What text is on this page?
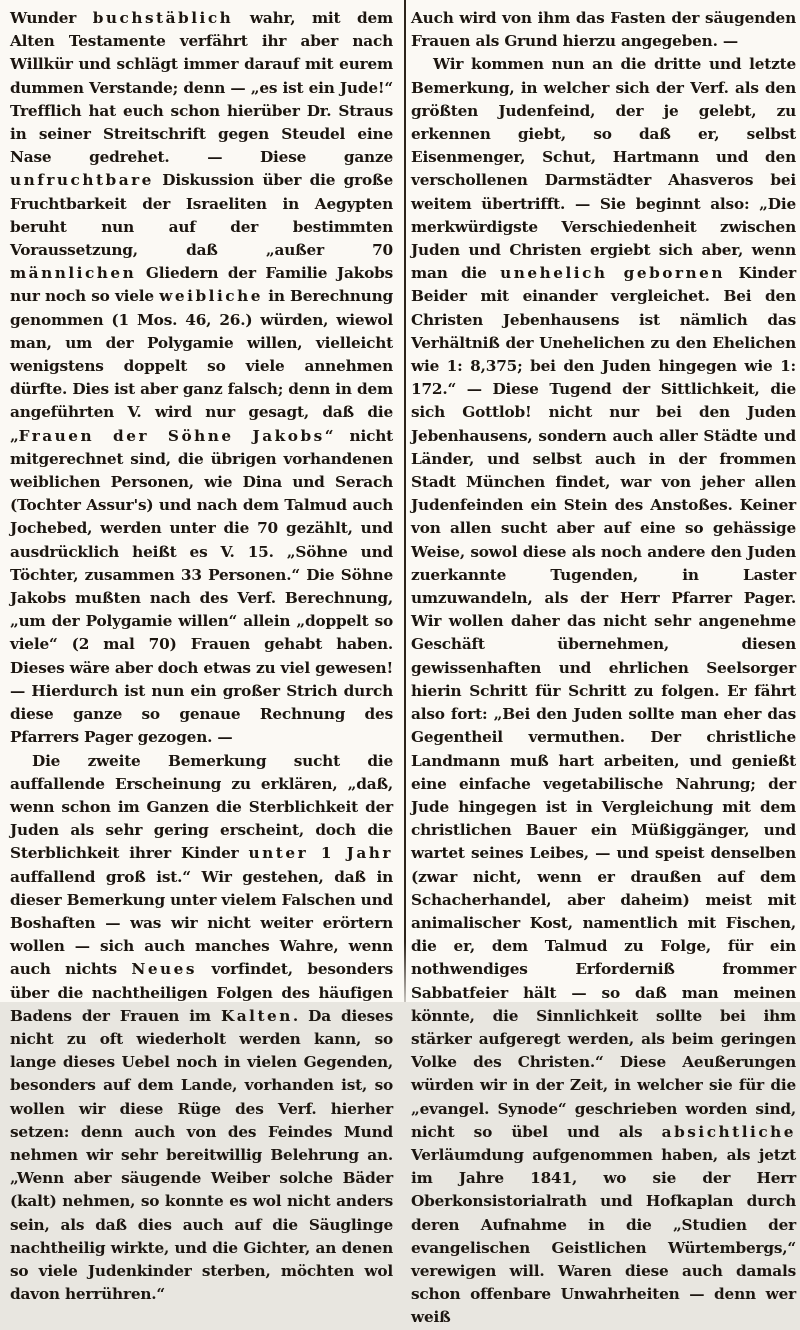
Wunder buchstäblich wahr, mit dem Alten Testamente verfährt ihr aber nach Willkür und schlägt immer darauf mit eurem dummen Verstande; denn — „es ist ein Jude!“ Trefflich hat euch schon hierüber Dr. Straus in seiner Streitschrift gegen Steudel eine Nase gedrehet. — Diese ganze unfruchtbare Diskussion über die große Fruchtbarkeit der Israeliten in Aegypten beruht nun auf der bestimmten Voraussetzung, daß „außer 70 männlichen Gliedern der Familie Jakobs nur noch so viele weibliche in Berechnung genommen (1 Mos. 46, 26.) würden, wiewol man, um der Polygamie willen, vielleicht wenigstens doppelt so viele annehmen dürfte. Dies ist aber ganz falsch; denn in dem angeführten V. wird nur gesagt, daß die „Frauen der Söhne Jakobs“ nicht mitgerechnet sind, die übrigen vorhandenen weiblichen Personen, wie Dina und Serach (Tochter Assur's) und nach dem Talmud auch Jochebed, werden unter die 70 gezählt, und ausdrücklich heißt es V. 15. „Söhne und Töchter, zusammen 33 Personen.“ Die Söhne Jakobs mußten nach des Verf. Berechnung, „um der Polygamie willen“ allein „doppelt so viele“ (2 mal 70) Frauen gehabt haben. Dieses wäre aber doch etwas zu viel gewesen! — Hierdurch ist nun ein großer Strich durch diese ganze so genaue Rechnung des Pfarrers Pager gezogen. —

Die zweite Bemerkung sucht die auffallende Erscheinung zu erklären, „daß, wenn schon im Ganzen die Sterblichkeit der Juden als sehr gering erscheint, doch die Sterblichkeit ihrer Kinder unter 1 Jahr auffallend groß ist.“ Wir gestehen, daß in dieser Bemerkung unter vielem Falschen und Boshaften — was wir nicht weiter erörtern wollen — sich auch manches Wahre, wenn auch nichts Neues vorfindet, besonders über die nachtheiligen Folgen des häufigen Badens der Frauen im Kalten. Da dieses nicht zu oft wiederholt werden kann, so lange dieses Uebel noch in vielen Gegenden, besonders auf dem Lande, vorhanden ist, so wollen wir diese Rüge des Verf. hierher setzen: denn auch von des Feindes Mund nehmen wir sehr bereitwillig Belehrung an. „Wenn aber säugende Weiber solche Bäder (kalt) nehmen, so konnte es wol nicht anders sein, als daß dies auch auf die Säuglinge nachtheilig wirkte, und die Gichter, an denen so viele Judenkinder sterben, möchten wol davon herrühren.“

Auch wird von ihm das Fasten der säugenden Frauen als Grund hierzu angegeben. —

Wir kommen nun an die dritte und letzte Bemerkung, in welcher sich der Verf. als den größten Judenfeind, der je gelebt, zu erkennen giebt, so daß er, selbst Eisenmenger, Schut, Hartmann und den verschollenen Darmstädter Ahasveros bei weitem übertrifft. — Sie beginnt also: „Die merkwürdigste Verschiedenheit zwischen Juden und Christen ergiebt sich aber, wenn man die unehelich gebornen Kinder Beider mit einander vergleichet. Bei den Christen Jebenhausens ist nämlich das Verhältniß der Unehelichen zu den Ehelichen wie 1: 8,375; bei den Juden hingegen wie 1: 172.“ — Diese Tugend der Sittlichkeit, die sich Gottlob! nicht nur bei den Juden Jebenhausens, sondern auch aller Städte und Länder, und selbst auch in der frommen Stadt München findet, war von jeher allen Judenfeinden ein Stein des Anstoßes. Keiner von allen sucht aber auf eine so gehässige Weise, sowol diese als noch andere den Juden zuerkannte Tugenden, in Laster umzuwandeln, als der Herr Pfarrer Pager. Wir wollen daher das nicht sehr angenehme Geschäft übernehmen, diesen gewissenhaften und ehrlichen Seelsorger hierin Schritt für Schritt zu folgen. Er fährt also fort: „Bei den Juden sollte man eher das Gegentheil vermuthen. Der christliche Landmann muß hart arbeiten, und genießt eine einfache vegetabilische Nahrung; der Jude hingegen ist in Vergleichung mit dem christlichen Bauer ein Müßiggänger, und wartet seines Leibes, — und speist denselben (zwar nicht, wenn er draußen auf dem Schacherhandel, aber daheim) meist mit animalischer Kost, namentlich mit Fischen, die er, dem Talmud zu Folge, für ein nothwendiges Erforderniß frommer Sabbatfeier hält — so daß man meinen könnte, die Sinnlichkeit sollte bei ihm stärker aufgeregt werden, als beim geringen Volke des Christen.“ Diese Aeußerungen würden wir in der Zeit, in welcher sie für die „evangel. Synode“ geschrieben worden sind, nicht so übel und als absichtliche Verläumdung aufgenommen haben, als jetzt im Jahre 1841, wo sie der Herr Oberkonsistorialrath und Hofkaplan durch deren Aufnahme in die „Studien der evangelischen Geistlichen Würtembergs,“ verewigen will. Waren diese auch damals schon offenbare Unwahrheiten — denn wer weiß
